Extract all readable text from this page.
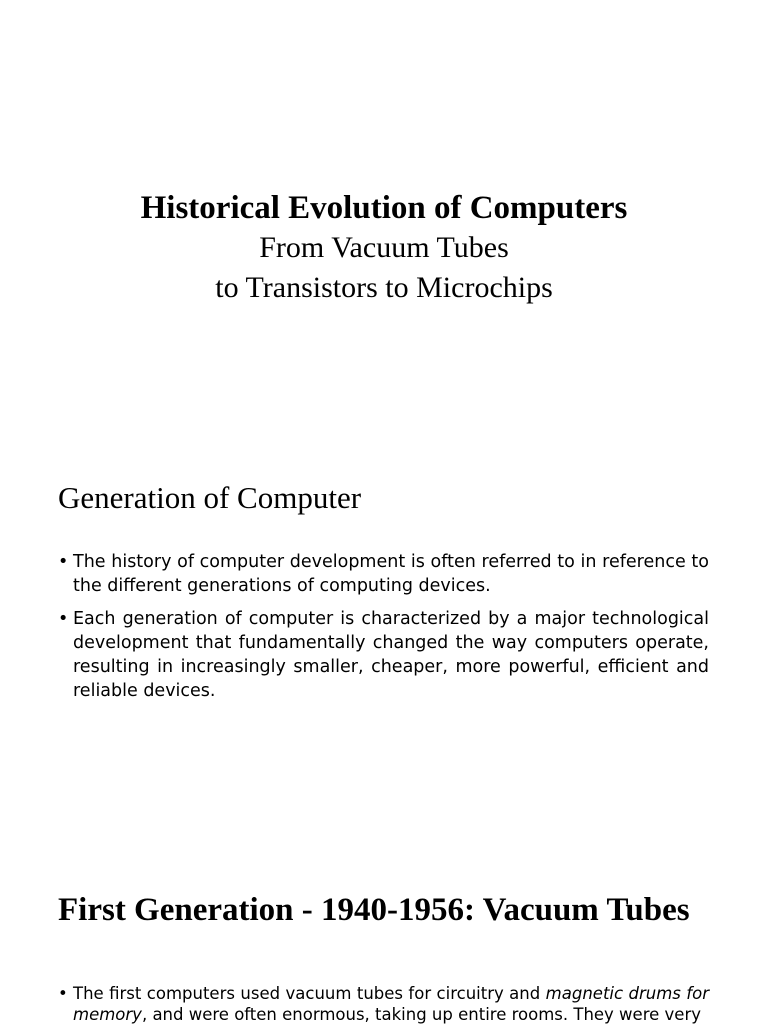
Historical Evolution of Computers
From Vacuum Tubes
to Transistors to Microchips
Generation of Computer
• The history of computer development is often referred to in reference to the different generations of computing devices.
• Each generation of computer is characterized by a major technological development that fundamentally changed the way computers operate, resulting in increasingly smaller, cheaper, more powerful, efficient and reliable devices.
First Generation - 1940-1956: Vacuum Tubes
• The first computers used vacuum tubes for circuitry and magnetic drums for memory, and were often enormous, taking up entire rooms. They were very
